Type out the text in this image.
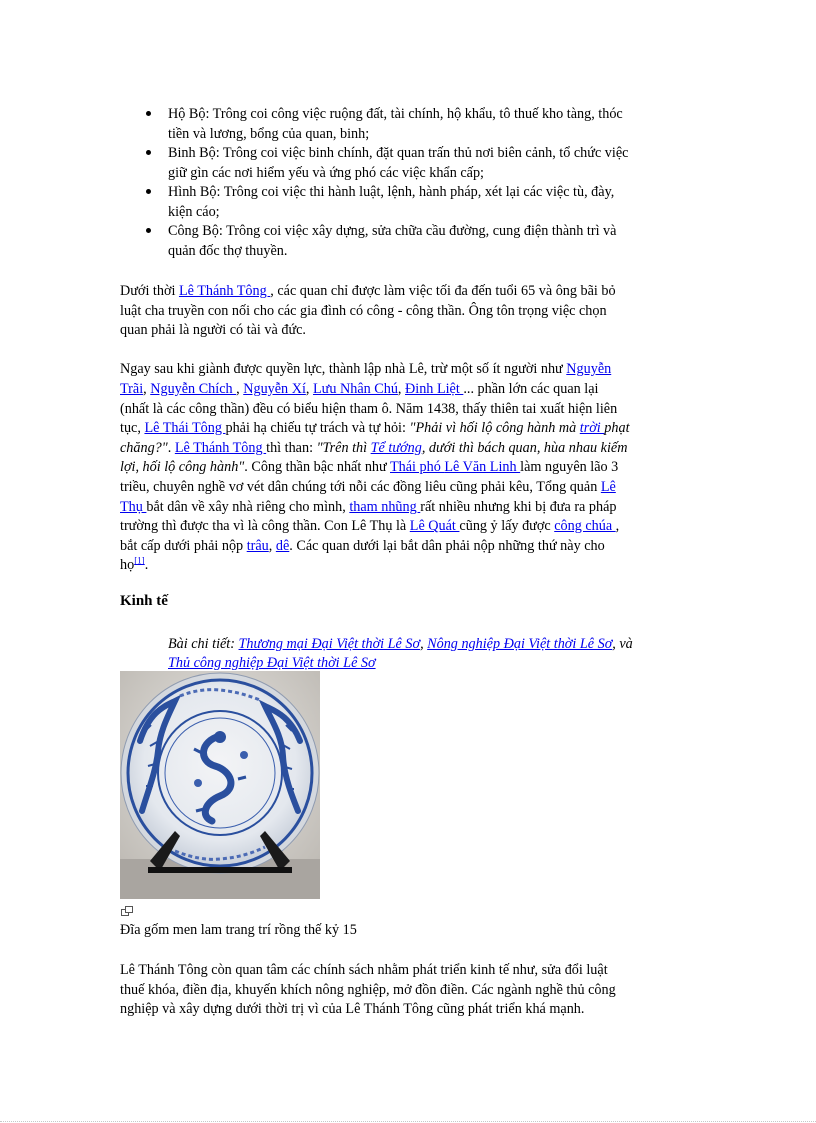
Hộ Bộ: Trông coi công việc ruộng đất, tài chính, hộ khẩu, tô thuế kho tàng, thóc
tiền và lương, bổng của quan, binh;
Binh Bộ: Trông coi việc binh chính, đặt quan trấn thủ nơi biên cảnh, tổ chức việc
giữ gìn các nơi hiểm yếu và ứng phó các việc khẩn cấp;
Hình Bộ: Trông coi việc thi hành luật, lệnh, hành pháp, xét lại các việc tù, đày,
kiện cáo;
Công Bộ: Trông coi việc xây dựng, sửa chữa cầu đường, cung điện thành trì và
quản đốc thợ thuyền.
Dưới thời Lê Thánh Tông , các quan chỉ được làm việc tối đa đến tuổi 65 và ông bãi bỏ
luật cha truyền con nối cho các gia đình có công - công thần. Ông tôn trọng việc chọn
quan phải là người có tài và đức.
Ngay sau khi giành được quyền lực, thành lập nhà Lê, trừ một số ít người như Nguyễn
Trãi, Nguyễn Chích , Nguyễn Xí, Lưu Nhân Chú, Đinh Liệt ... phần lớn các quan lại
(nhất là các công thần) đều có biểu hiện tham ô. Năm 1438, thấy thiên tai xuất hiện liên
tục, Lê Thái Tông phải hạ chiếu tự trách và tự hỏi: "Phải vì hối lộ công hành mà trời phạt
chăng?". Lê Thánh Tông thì than: "Trên thì Tể tướng, dưới thì bách quan, hùa nhau kiếm
lợi, hối lộ công hành". Công thần bậc nhất như Thái phó Lê Văn Linh làm nguyên lão 3
triều, chuyên nghề vơ vét dân chúng tới nỗi các đồng liêu cũng phải kêu, Tổng quản Lê
Thụ bắt dân về xây nhà riêng cho mình, tham nhũng rất nhiều nhưng khi bị đưa ra pháp
trường thì được tha vì là công thần. Con Lê Thụ là Lê Quát cũng ỷ lấy được công chúa ,
bắt cấp dưới phải nộp trâu, dê. Các quan dưới lại bắt dân phải nộp những thứ này cho
họ[1].
Kinh tế
Bài chi tiết: Thương mại Đại Việt thời Lê Sơ, Nông nghiệp Đại Việt thời Lê Sơ, và
Thủ công nghiệp Đại Việt thời Lê Sơ
Đĩa gốm men lam trang trí rồng thế kỷ 15
Lê Thánh Tông còn quan tâm các chính sách nhằm phát triển kinh tế như, sửa đổi luật
thuế khóa, điền địa, khuyến khích nông nghiệp, mở đồn điền. Các ngành nghề thủ công
nghiệp và xây dựng dưới thời trị vì của Lê Thánh Tông cũng phát triển khá mạnh.
